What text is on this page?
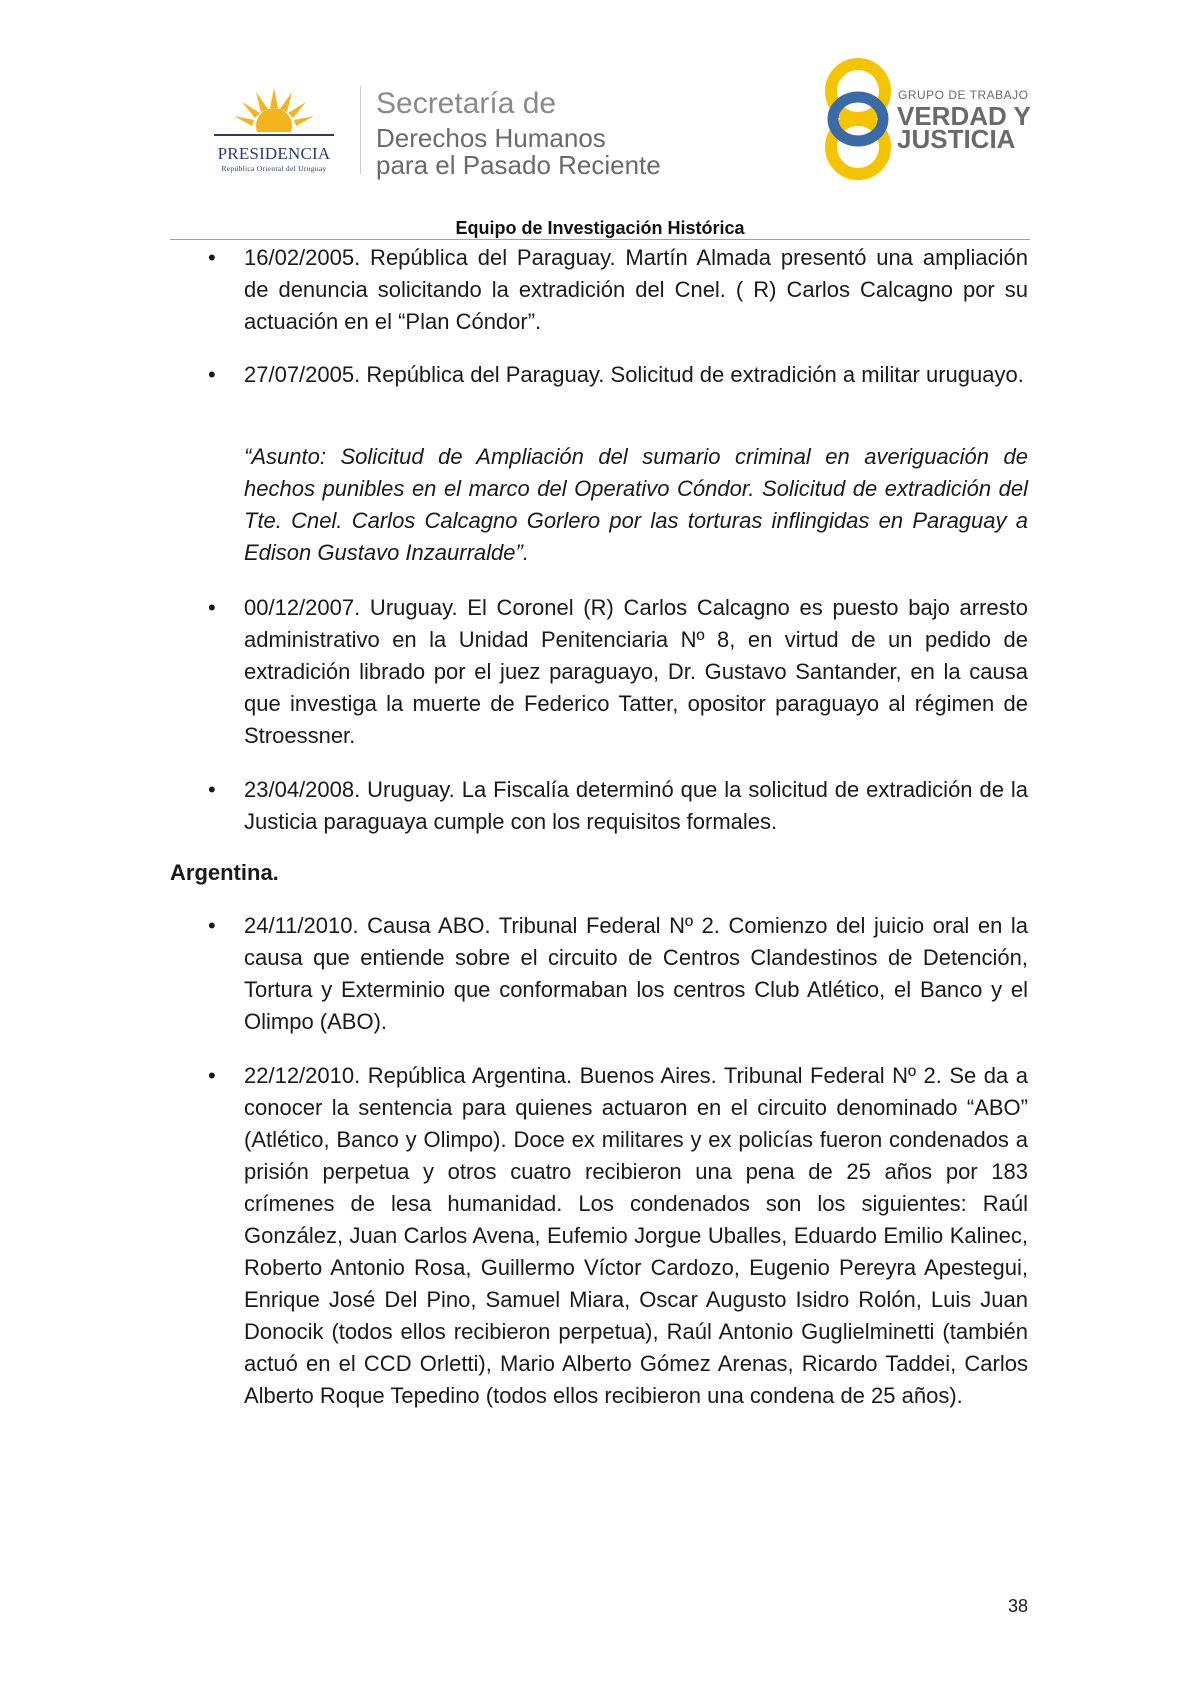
PRESIDENCIA
República Oriental del Uruguay
Secretaría de
Derechos Humanos
para el Pasado Reciente
GRUPO DE TRABAJO
VERDAD Y
JUSTICIA
Equipo de Investigación Histórica
• 16/02/2005. República del Paraguay. Martín Almada presentó una ampliación de denuncia solicitando la extradición del Cnel. ( R) Carlos Calcagno por su actuación en el “Plan Cóndor”.
• 27/07/2005. República del Paraguay. Solicitud de extradición a militar uruguayo.
“Asunto: Solicitud de Ampliación del sumario criminal en averiguación de hechos punibles en el marco del Operativo Cóndor. Solicitud de extradición del Tte. Cnel. Carlos Calcagno Gorlero por las torturas inflingidas en Paraguay a Edison Gustavo Inzaurralde”.
• 00/12/2007. Uruguay. El Coronel (R) Carlos Calcagno es puesto bajo arresto administrativo en la Unidad Penitenciaria Nº 8, en virtud de un pedido de extradición librado por el juez paraguayo, Dr. Gustavo Santander, en la causa que investiga la muerte de Federico Tatter, opositor paraguayo al régimen de Stroessner.
• 23/04/2008. Uruguay. La Fiscalía determinó que la solicitud de extradición de la Justicia paraguaya cumple con los requisitos formales.
Argentina.
• 24/11/2010. Causa ABO. Tribunal Federal Nº 2. Comienzo del juicio oral en la causa que entiende sobre el circuito de Centros Clandestinos de Detención, Tortura y Exterminio que conformaban los centros Club Atlético, el Banco y el Olimpo (ABO).
• 22/12/2010. República Argentina. Buenos Aires. Tribunal Federal Nº 2. Se da a conocer la sentencia para quienes actuaron en el circuito denominado “ABO” (Atlético, Banco y Olimpo). Doce ex militares y ex policías fueron condenados a prisión perpetua y otros cuatro recibieron una pena de 25 años por 183 crímenes de lesa humanidad. Los condenados son los siguientes: Raúl González, Juan Carlos Avena, Eufemio Jorgue Uballes, Eduardo Emilio Kalinec, Roberto Antonio Rosa, Guillermo Víctor Cardozo, Eugenio Pereyra Apestegui, Enrique José Del Pino, Samuel Miara, Oscar Augusto Isidro Rolón, Luis Juan Donocik (todos ellos recibieron perpetua), Raúl Antonio Guglielminetti (también actuó en el CCD Orletti), Mario Alberto Gómez Arenas, Ricardo Taddei, Carlos Alberto Roque Tepedino (todos ellos recibieron una condena de 25 años).
38
